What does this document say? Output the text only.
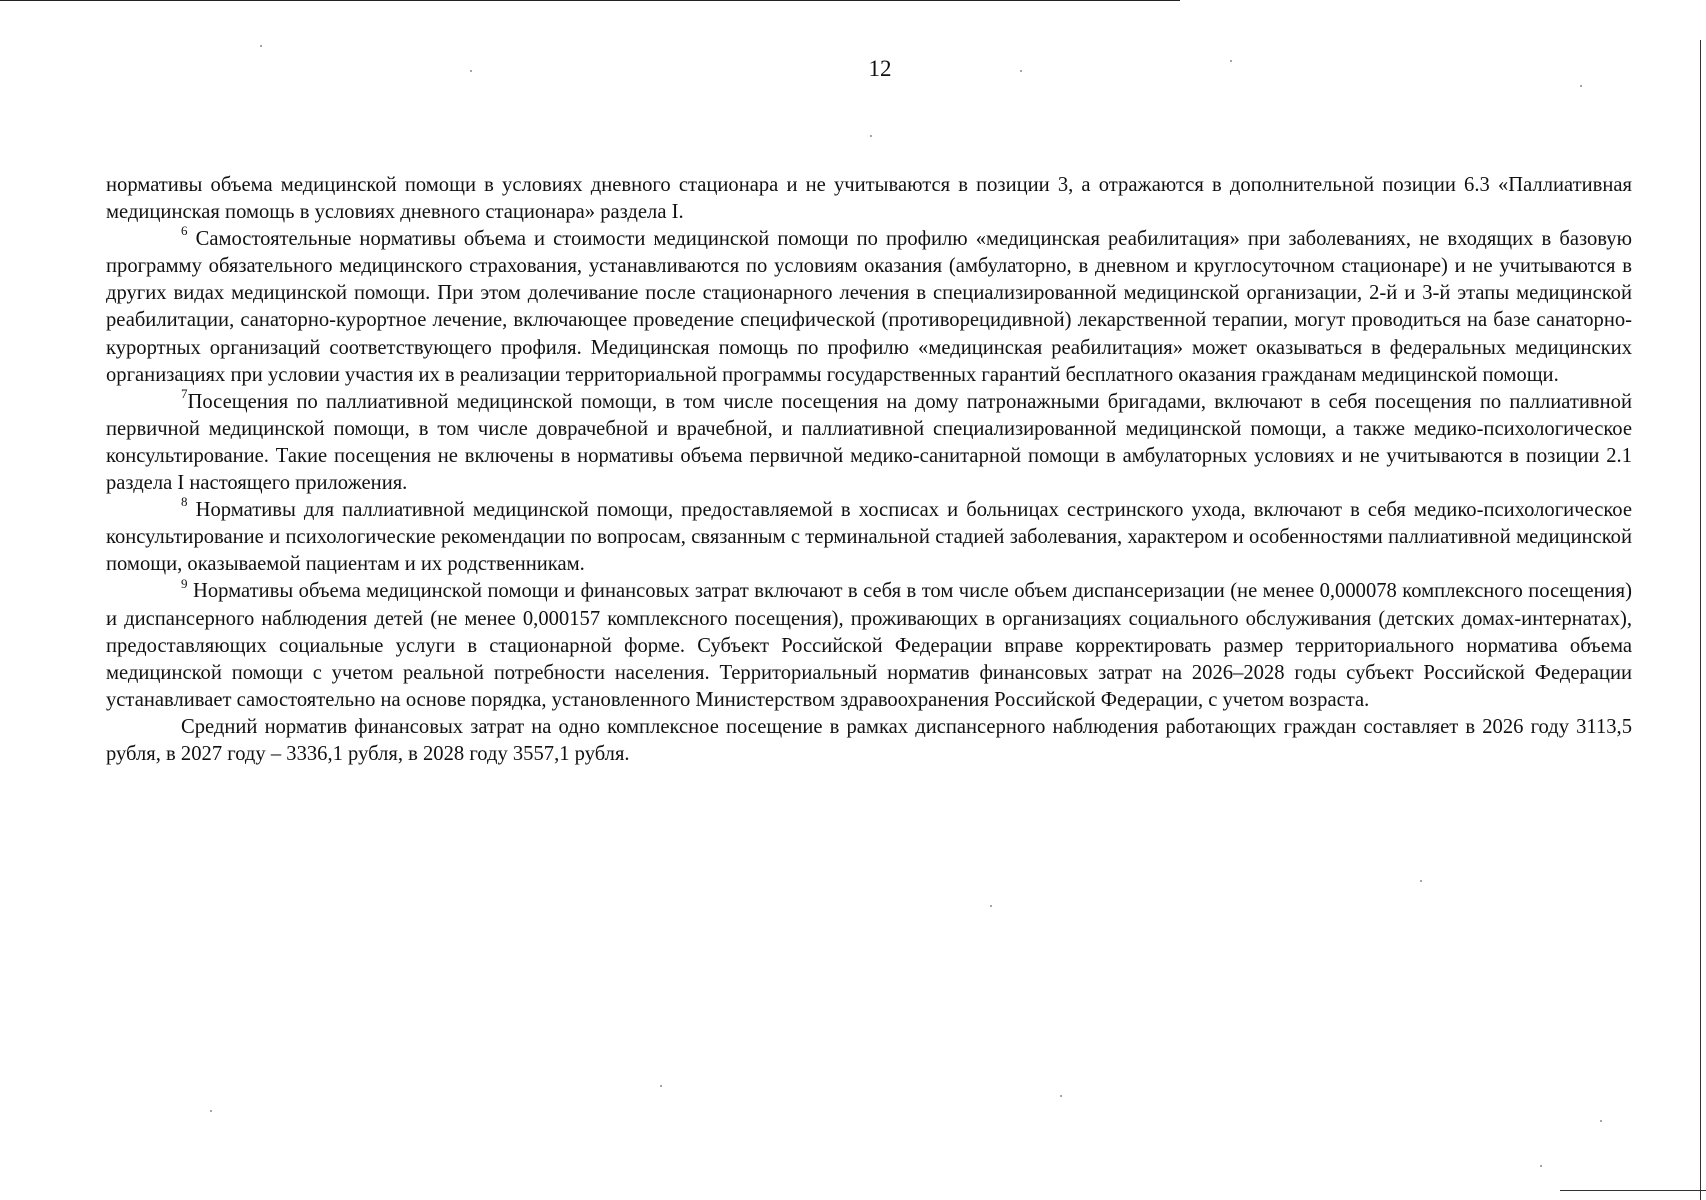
12

нормативы объема медицинской помощи в условиях дневного стационара и не учитываются в позиции 3, а отражаются в дополнительной позиции 6.3 «Паллиативная медицинская помощь в условиях дневного стационара» раздела I.

$^6$ Самостоятельные нормативы объема и стоимости медицинской помощи по профилю «медицинская реабилитация» при заболеваниях, не входящих в базовую программу обязательного медицинского страхования, устанавливаются по условиям оказания (амбулаторно, в дневном и круглосуточном стационаре) и не учитываются в других видах медицинской помощи. При этом долечивание после стационарного лечения в специализированной медицинской организации, 2-й и 3-й этапы медицинской реабилитации, санаторно-курортное лечение, включающее проведение специфической (противорецидивной) лекарственной терапии, могут проводиться на базе санаторно-курортных организаций соответствующего профиля. Медицинская помощь по профилю «медицинская реабилитация» может оказываться в федеральных медицинских организациях при условии участия их в реализации территориальной программы государственных гарантий бесплатного оказания гражданам медицинской помощи.

$^7$Посещения по паллиативной медицинской помощи, в том числе посещения на дому патронажными бригадами, включают в себя посещения по паллиативной первичной медицинской помощи, в том числе доврачебной и врачебной, и паллиативной специализированной медицинской помощи, а также медико-психологическое консультирование. Такие посещения не включены в нормативы объема первичной медико-санитарной помощи в амбулаторных условиях и не учитываются в позиции 2.1 раздела I настоящего приложения.

$^8$ Нормативы для паллиативной медицинской помощи, предоставляемой в хосписах и больницах сестринского ухода, включают в себя медико-психологическое консультирование и психологические рекомендации по вопросам, связанным с терминальной стадией заболевания, характером и особенностями паллиативной медицинской помощи, оказываемой пациентам и их родственникам.

$^9$ Нормативы объема медицинской помощи и финансовых затрат включают в себя в том числе объем диспансеризации (не менее 0,000078 комплексного посещения) и диспансерного наблюдения детей (не менее 0,000157 комплексного посещения), проживающих в организациях социального обслуживания (детских домах-интернатах), предоставляющих социальные услуги в стационарной форме. Субъект Российской Федерации вправе корректировать размер территориального норматива объема медицинской помощи с учетом реальной потребности населения. Территориальный норматив финансовых затрат на 2026–2028 годы субъект Российской Федерации устанавливает самостоятельно на основе порядка, установленного Министерством здравоохранения Российской Федерации, с учетом возраста.

Средний норматив финансовых затрат на одно комплексное посещение в рамках диспансерного наблюдения работающих граждан составляет в 2026 году 3113,5 рубля, в 2027 году – 3336,1 рубля, в 2028 году 3557,1 рубля.
